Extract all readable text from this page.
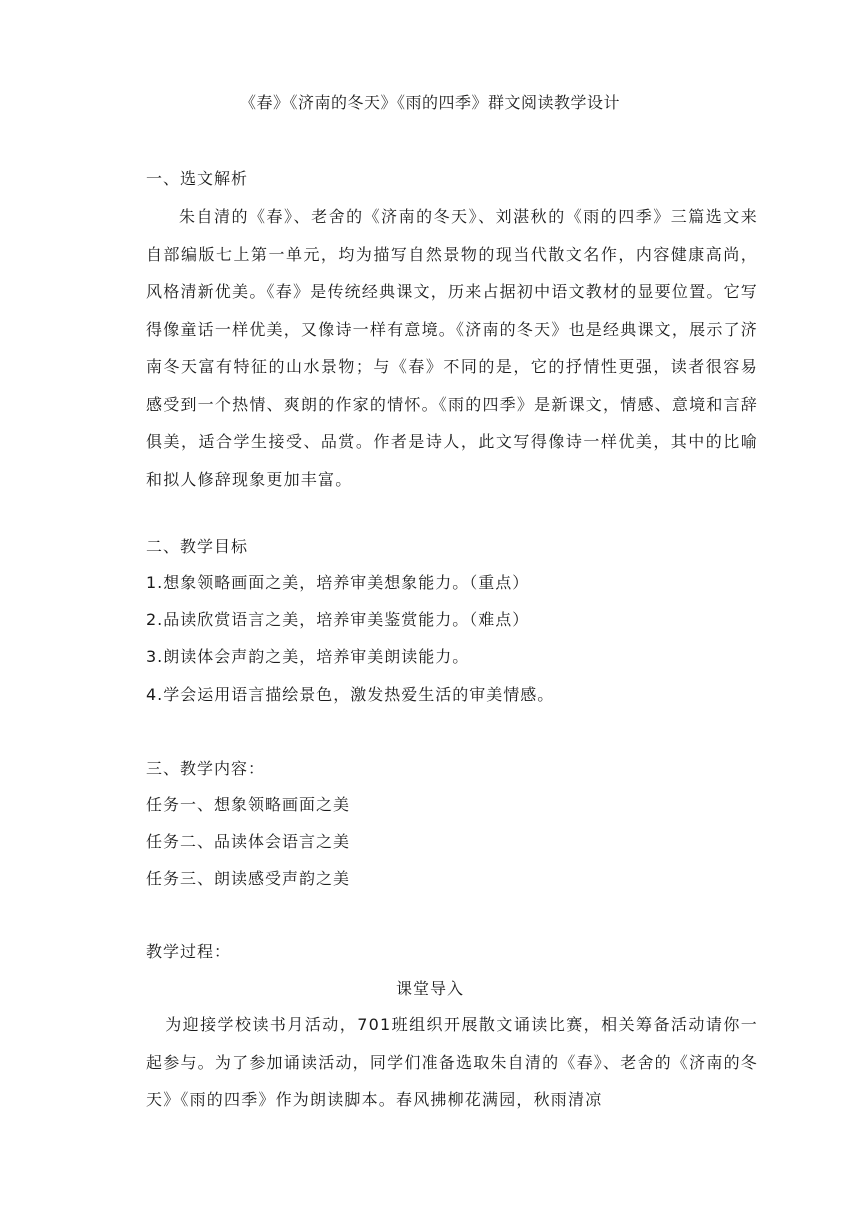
《春》《济南的冬天》《雨的四季》群文阅读教学设计
一、选文解析
朱自清的《春》、老舍的《济南的冬天》、刘湛秋的《雨的四季》三篇选文来自部编版七上第一单元，均为描写自然景物的现当代散文名作，内容健康高尚，风格清新优美。《春》是传统经典课文，历来占据初中语文教材的显要位置。它写得像童话一样优美，又像诗一样有意境。《济南的冬天》也是经典课文，展示了济南冬天富有特征的山水景物；与《春》不同的是，它的抒情性更强，读者很容易感受到一个热情、爽朗的作家的情怀。《雨的四季》是新课文，情感、意境和言辞俱美，适合学生接受、品赏。作者是诗人，此文写得像诗一样优美，其中的比喻和拟人修辞现象更加丰富。
二、教学目标
1.想象领略画面之美，培养审美想象能力。（重点）
2.品读欣赏语言之美，培养审美鉴赏能力。（难点）
3.朗读体会声韵之美，培养审美朗读能力。
4.学会运用语言描绘景色，激发热爱生活的审美情感。
三、教学内容：
任务一、想象领略画面之美
任务二、品读体会语言之美
任务三、朗读感受声韵之美
教学过程：
课堂导入
为迎接学校读书月活动，701班组织开展散文诵读比赛，相关筹备活动请你一起参与。为了参加诵读活动，同学们准备选取朱自清的《春》、老舍的《济南的冬天》《雨的四季》作为朗读脚本。春风拂柳花满园，秋雨清凉
